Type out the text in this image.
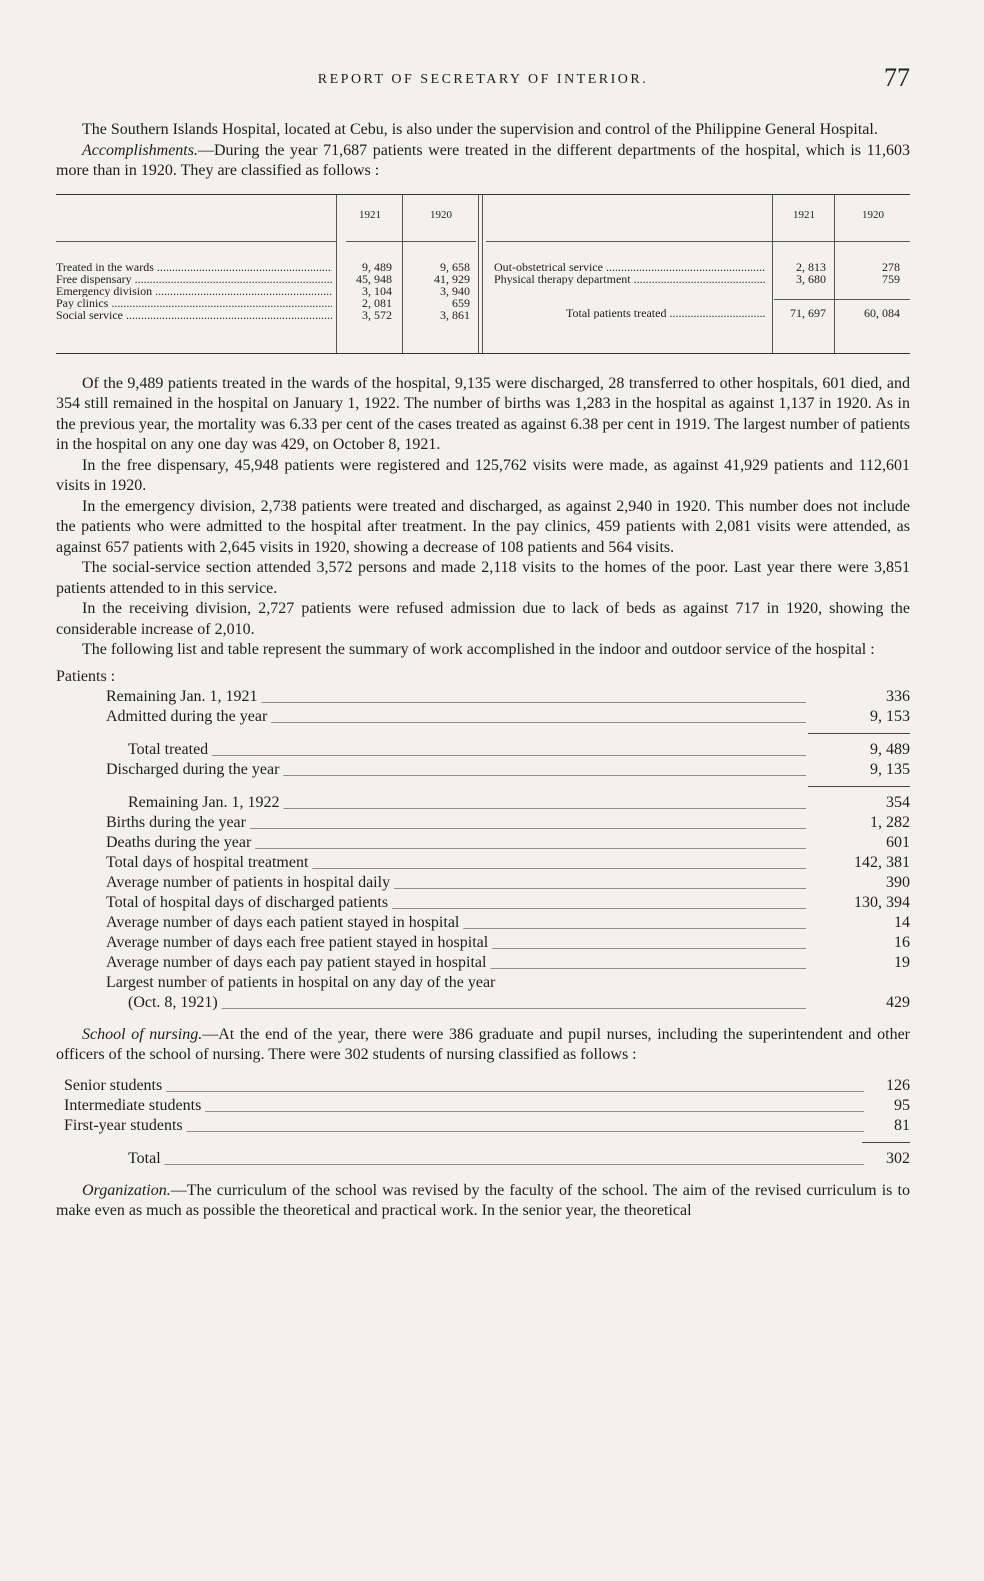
REPORT OF SECRETARY OF INTERIOR.	77

The Southern Islands Hospital, located at Cebu, is also under the supervision and control of the Philippine General Hospital.

Accomplishments.—During the year 71,687 patients were treated in the different departments of the hospital, which is 11,603 more than in 1920. They are classified as follows :

1921	1920	1921	1920
Treated in the wards .....	9, 489	9, 658 Out-obstetrical service .....	2, 813	278
Free dispensary .....	45, 948	41, 929 Physical therapy department .....	3, 680	759
Emergency division .....	3, 104	3, 940
Pay clinics .....	2, 081	659
Social service .....	3, 572	3, 861	Total patients treated .....	71, 697	60, 084

Of the 9,489 patients treated in the wards of the hospital, 9,135 were discharged, 28 transferred to other hospitals, 601 died, and 354 still remained in the hospital on January 1, 1922. The number of births was 1,283 in the hospital as against 1,137 in 1920. As in the previous year, the mortality was 6.33 per cent of the cases treated as against 6.38 per cent in 1919. The largest number of patients in the hospital on any one day was 429, on October 8, 1921.

In the free dispensary, 45,948 patients were registered and 125,762 visits were made, as against 41,929 patients and 112,601 visits in 1920.

In the emergency division, 2,738 patients were treated and discharged, as against 2,940 in 1920. This number does not include the patients who were admitted to the hospital after treatment. In the pay clinics, 459 patients with 2,081 visits were attended, as against 657 patients with 2,645 visits in 1920, showing a decrease of 108 patients and 564 visits.

The social-service section attended 3,572 persons and made 2,118 visits to the homes of the poor. Last year there were 3,851 patients attended to in this service.

In the receiving division, 2,727 patients were refused admission due to lack of beds as against 717 in 1920, showing the considerable increase of 2,010.

The following list and table represent the summary of work accomplished in the indoor and outdoor service of the hospital :

Patients :
Remaining Jan. 1, 1921 _____	336
Admitted during the year _____	9, 153
Total treated _____	9, 489
Discharged during the year _____	9, 135
Remaining Jan. 1, 1922 _____	354
Births during the year _____	1, 282
Deaths during the year _____	601
Total days of hospital treatment _____	142, 381
Average number of patients in hospital daily _____	390
Total of hospital days of discharged patients _____	130, 394
Average number of days each patient stayed in hospital _____	14
Average number of days each free patient stayed in hospital _____	16
Average number of days each pay patient stayed in hospital _____	19
Largest number of patients in hospital on any day of the year
(Oct. 8, 1921) _____	429

School of nursing.—At the end of the year, there were 386 graduate and pupil nurses, including the superintendent and other officers of the school of nursing. There were 302 students of nursing classified as follows :

Senior students _____	126
Intermediate students _____	95
First-year students _____	81
Total _____	302

Organization.—The curriculum of the school was revised by the faculty of the school. The aim of the revised curriculum is to make even as much as possible the theoretical and practical work. In the senior year, the theoretical
